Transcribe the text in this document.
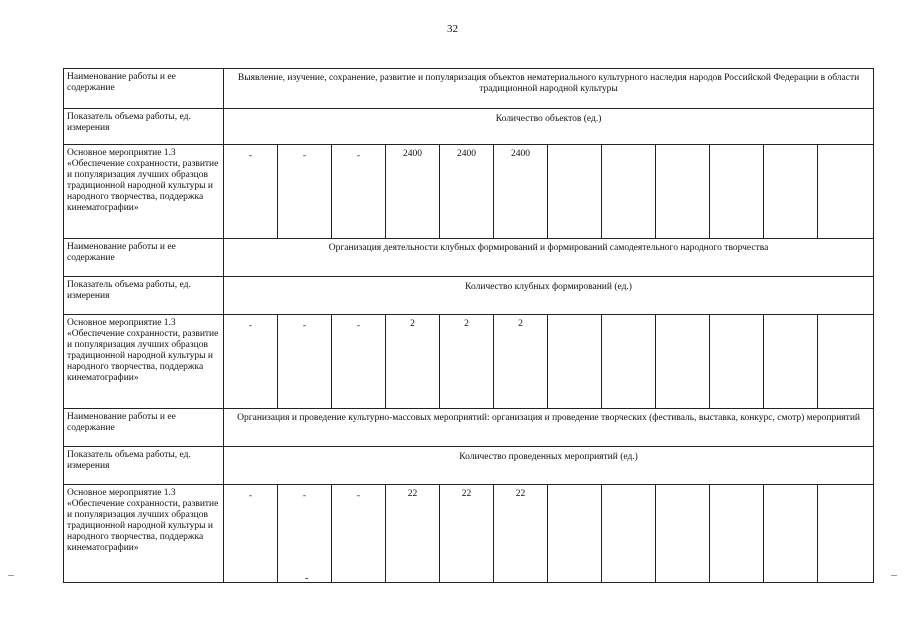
32
Наименование работы и ее содержание	Выявление, изучение, сохранение, развитие и популяризация объектов нематериального культурного наследия народов Российской Федерации в области традиционной народной культуры											
Показатель объема работы, ед. измерения	Количество объектов (ед.)											
Основное мероприятие 1.3 «Обеспечение сохранности, развитие и популяризация лучших образцов традиционной народной культуры и народного творчества, поддержка кинематографии»	-	-	-	2400	2400	2400						
Наименование работы и ее содержание	Организация деятельности клубных формирований и формирований самодеятельного народного творчества											
Показатель объема работы, ед. измерения	Количество клубных формирований (ед.)											
Основное мероприятие 1.3 «Обеспечение сохранности, развитие и популяризация лучших образцов традиционной народной культуры и народного творчества, поддержка кинематографии»	-	-	-	2	2	2						
Наименование работы и ее содержание	Организация и проведение культурно-массовых мероприятий: организация и проведение творческих (фестиваль, выставка, конкурс, смотр) мероприятий											
Показатель объема работы, ед. измерения	Количество проведенных мероприятий (ед.)											
Основное мероприятие 1.3 «Обеспечение сохранности, развитие и популяризация лучших образцов традиционной народной культуры и народного творчества, поддержка кинематографии»	-	-	-	22	22	22						
-
